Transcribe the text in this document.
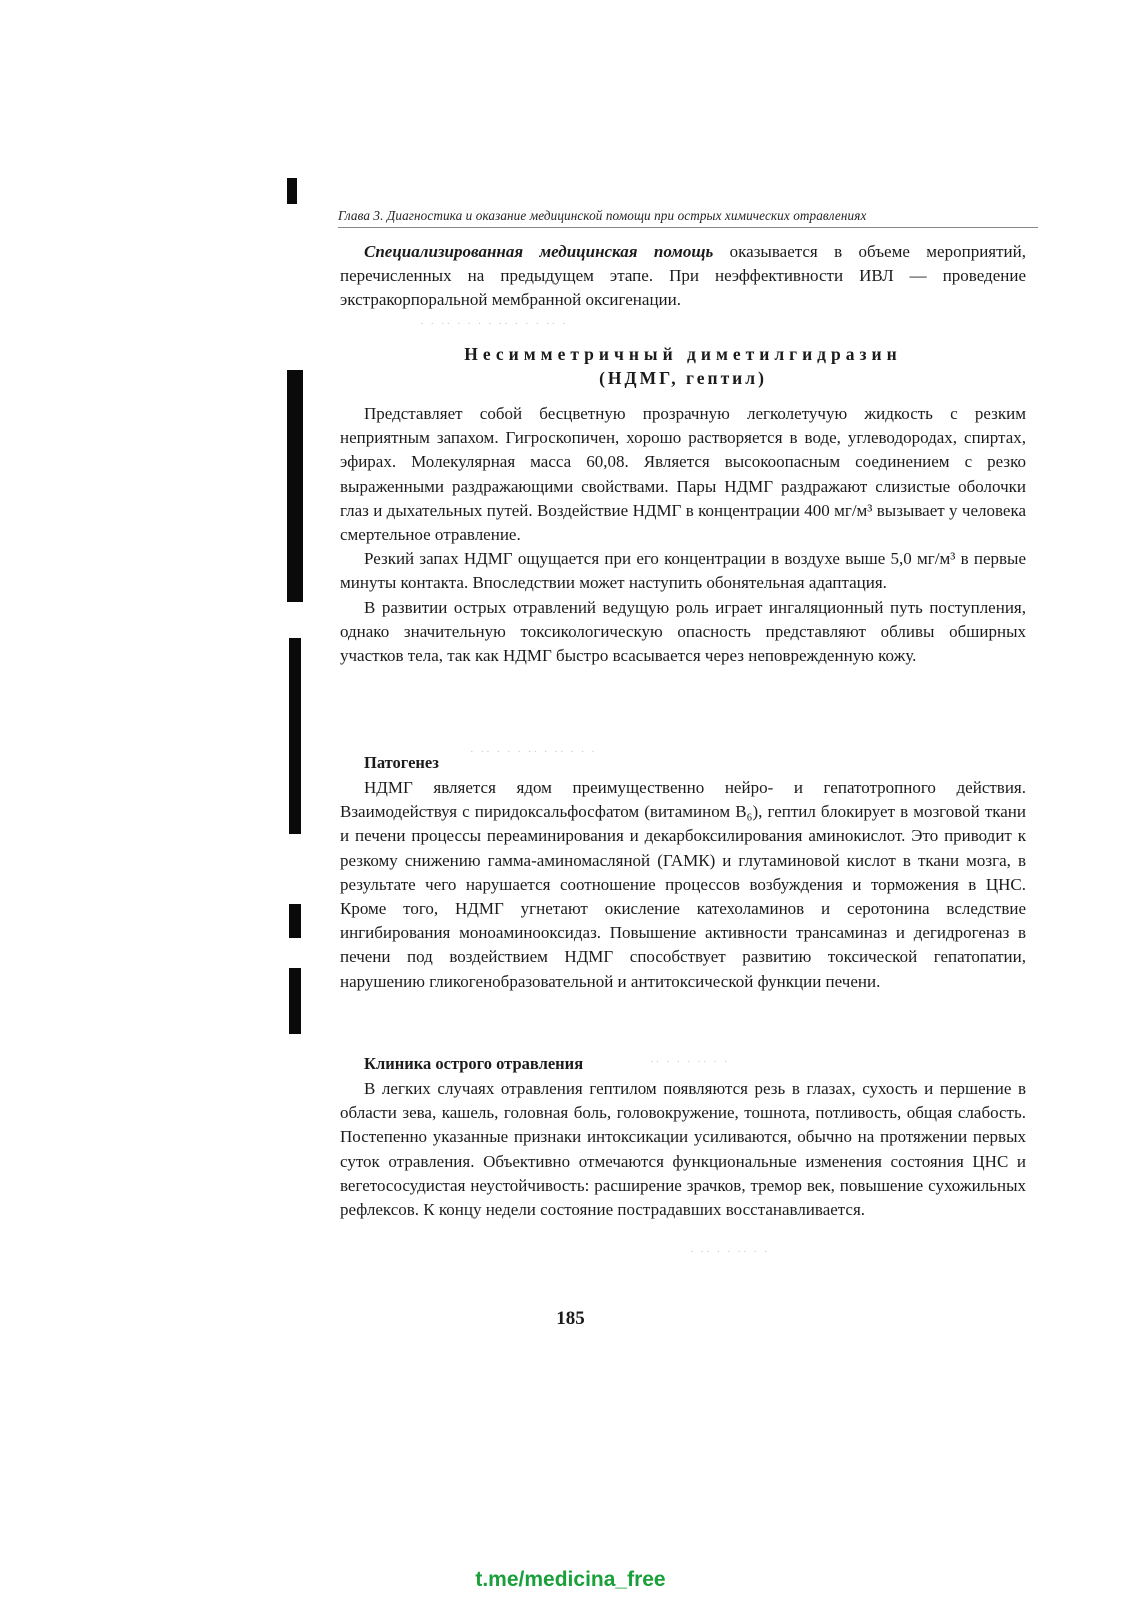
· · ·· · · · · ·· · · · ·· ·
· ·· · · · ·· · ·· · · ·
·· · · · ·· · ·
· ·· · · ·· · ·
Глава 3. Диагностика и оказание медицинской помощи при острых химических отравлениях

Специализированная медицинская помощь оказывается в объеме мероприятий, перечисленных на предыдущем этапе. При неэффективности ИВЛ — проведение экстракорпоральной мембранной оксигенации.

Несимметричный диметилгидразин
(НДМГ, гептил)

Представляет собой бесцветную прозрачную легколетучую жидкость с резким неприятным запахом. Гигроскопичен, хорошо растворяется в воде, углеводородах, спиртах, эфирах. Молекулярная масса 60,08. Является высокоопасным соединением с резко выраженными раздражающими свойствами. Пары НДМГ раздражают слизистые оболочки глаз и дыхательных путей. Воздействие НДМГ в концентрации 400 мг/м³ вызывает у человека смертельное отравление.

Резкий запах НДМГ ощущается при его концентрации в воздухе выше 5,0 мг/м³ в первые минуты контакта. Впоследствии может наступить обонятельная адаптация.

В развитии острых отравлений ведущую роль играет ингаляционный путь поступления, однако значительную токсикологическую опасность представляют обливы обширных участков тела, так как НДМГ быстро всасывается через неповрежденную кожу.

Патогенез

НДМГ является ядом преимущественно нейро- и гепатотропного действия. Взаимодействуя с пиридоксальфосфатом (витамином B₆), гептил блокирует в мозговой ткани и печени процессы переаминирования и декарбоксилирования аминокислот. Это приводит к резкому снижению гамма-аминомасляной (ГАМК) и глутаминовой кислот в ткани мозга, в результате чего нарушается соотношение процессов возбуждения и торможения в ЦНС. Кроме того, НДМГ угнетают окисление катехоламинов и серотонина вследствие ингибирования моноаминооксидаз. Повышение активности трансаминаз и дегидрогеназ в печени под воздействием НДМГ способствует развитию токсической гепатопатии, нарушению гликогенобразовательной и антитоксической функции печени.

Клиника острого отравления

В легких случаях отравления гептилом появляются резь в глазах, сухость и першение в области зева, кашель, головная боль, головокружение, тошнота, потливость, общая слабость. Постепенно указанные признаки интоксикации усиливаются, обычно на протяжении первых суток отравления. Объективно отмечаются функциональные изменения состояния ЦНС и вегетососудистая неустойчивость: расширение зрачков, тремор век, повышение сухожильных рефлексов. К концу недели состояние пострадавших восстанавливается.

185
t.me/medicina_free
